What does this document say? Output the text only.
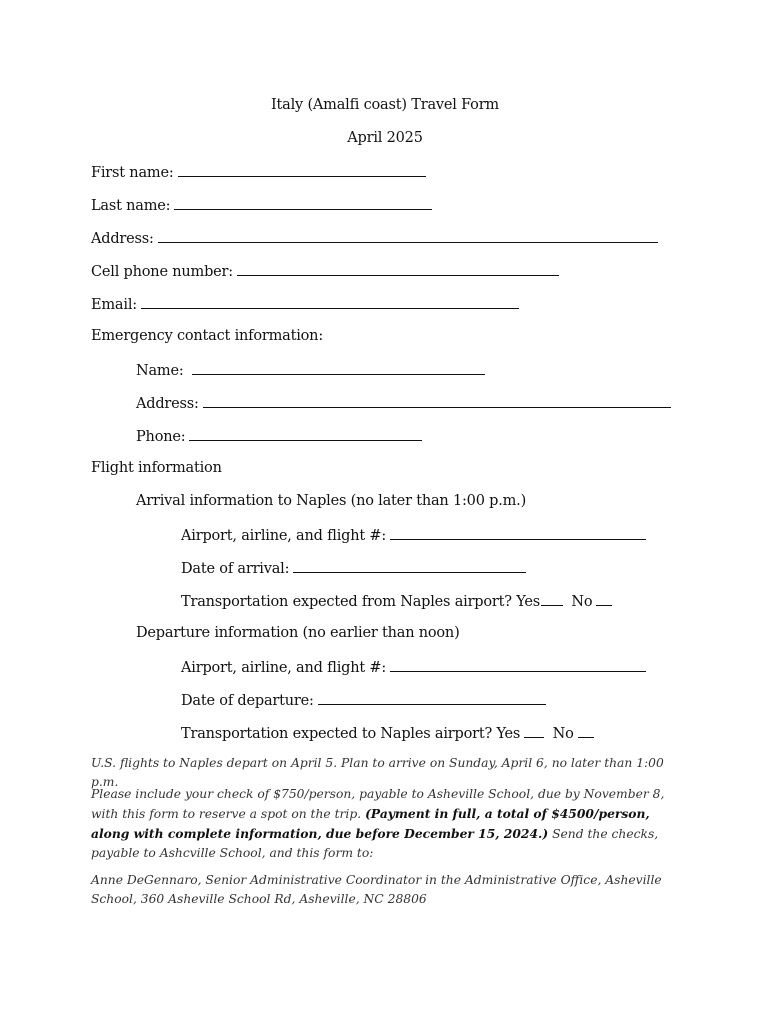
Italy (Amalfi coast) Travel Form
April 2025
First name:
Last name:
Address:
Cell phone number:
Email:
Emergency contact information:
Name:
Address:
Phone:
Flight information
Arrival information to Naples (no later than 1:00 p.m.)
Airport, airline, and flight #:
Date of arrival:
Transportation expected from Naples airport? Yes No
Departure information (no earlier than noon)
Airport, airline, and flight #:
Date of departure:
Transportation expected to Naples airport? Yes No
U.S. flights to Naples depart on April 5. Plan to arrive on Sunday, April 6, no later than 1:00 p.m.
Please include your check of $750/person, payable to Asheville School, due by November 8, with this form to reserve a spot on the trip. (Payment in full, a total of $4500/person, along with complete information, due before December 15, 2024.) Send the checks, payable to Ashcville School, and this form to:
Anne DeGennaro, Senior Administrative Coordinator in the Administrative Office, Asheville School, 360 Asheville School Rd, Asheville, NC 28806
